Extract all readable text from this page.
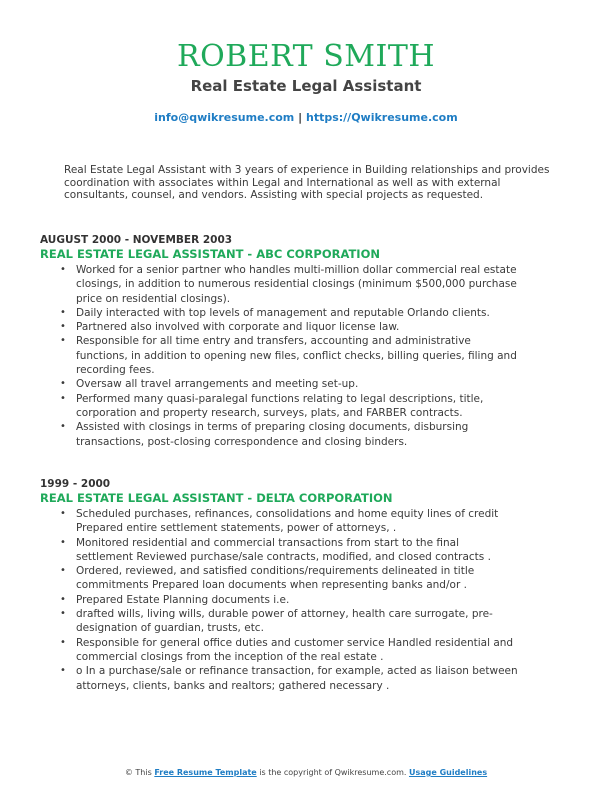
ROBERT SMITH
Real Estate Legal Assistant
info@qwikresume.com | https://Qwikresume.com
Real Estate Legal Assistant with 3 years of experience in Building relationships and provides coordination with associates within Legal and International as well as with external consultants, counsel, and vendors. Assisting with special projects as requested.
AUGUST 2000 - NOVEMBER 2003
REAL ESTATE LEGAL ASSISTANT - ABC CORPORATION
• Worked for a senior partner who handles multi-million dollar commercial real estate closings, in addition to numerous residential closings (minimum $500,000 purchase price on residential closings).
• Daily interacted with top levels of management and reputable Orlando clients.
• Partnered also involved with corporate and liquor license law.
• Responsible for all time entry and transfers, accounting and administrative functions, in addition to opening new files, conflict checks, billing queries, filing and recording fees.
• Oversaw all travel arrangements and meeting set-up.
• Performed many quasi-paralegal functions relating to legal descriptions, title, corporation and property research, surveys, plats, and FARBER contracts.
• Assisted with closings in terms of preparing closing documents, disbursing transactions, post-closing correspondence and closing binders.
1999 - 2000
REAL ESTATE LEGAL ASSISTANT - DELTA CORPORATION
• Scheduled purchases, refinances, consolidations and home equity lines of credit Prepared entire settlement statements, power of attorneys, .
• Monitored residential and commercial transactions from start to the final settlement Reviewed purchase/sale contracts, modified, and closed contracts .
• Ordered, reviewed, and satisfied conditions/requirements delineated in title commitments Prepared loan documents when representing banks and/or .
• Prepared Estate Planning documents i.e.
• drafted wills, living wills, durable power of attorney, health care surrogate, pre-designation of guardian, trusts, etc.
• Responsible for general office duties and customer service Handled residential and commercial closings from the inception of the real estate .
• o In a purchase/sale or refinance transaction, for example, acted as liaison between attorneys, clients, banks and realtors; gathered necessary .
© This Free Resume Template is the copyright of Qwikresume.com. Usage Guidelines
